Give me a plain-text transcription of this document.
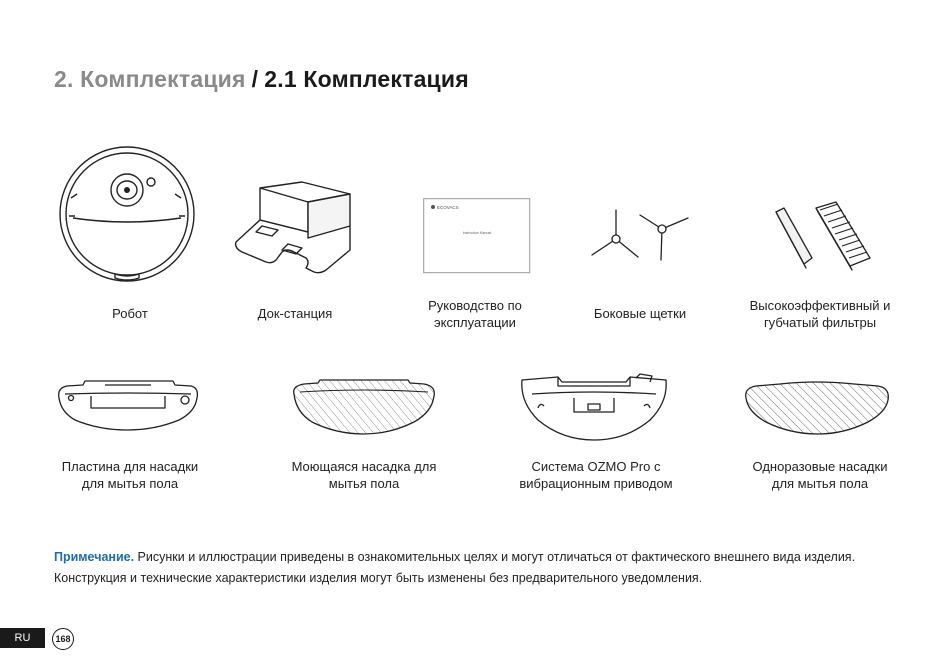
2. Комплектация / 2.1 Комплектация
Робот	Док-станция
ECOVACS
Instruction Manual
Руководство по эксплуатации
Боковые щетки
Высокоэффективный и губчатый фильтры
Пластина для насадки для мытья пола
Моющаяся насадка для мытья пола
Система OZMO Pro с вибрационным приводом
Одноразовые насадки для мытья пола
Примечание. Рисунки и иллюстрации приведены в ознакомительных целях и могут отличаться от фактического внешнего вида изделия. Конструкция и технические характеристики изделия могут быть изменены без предварительного уведомления.
RU	168
